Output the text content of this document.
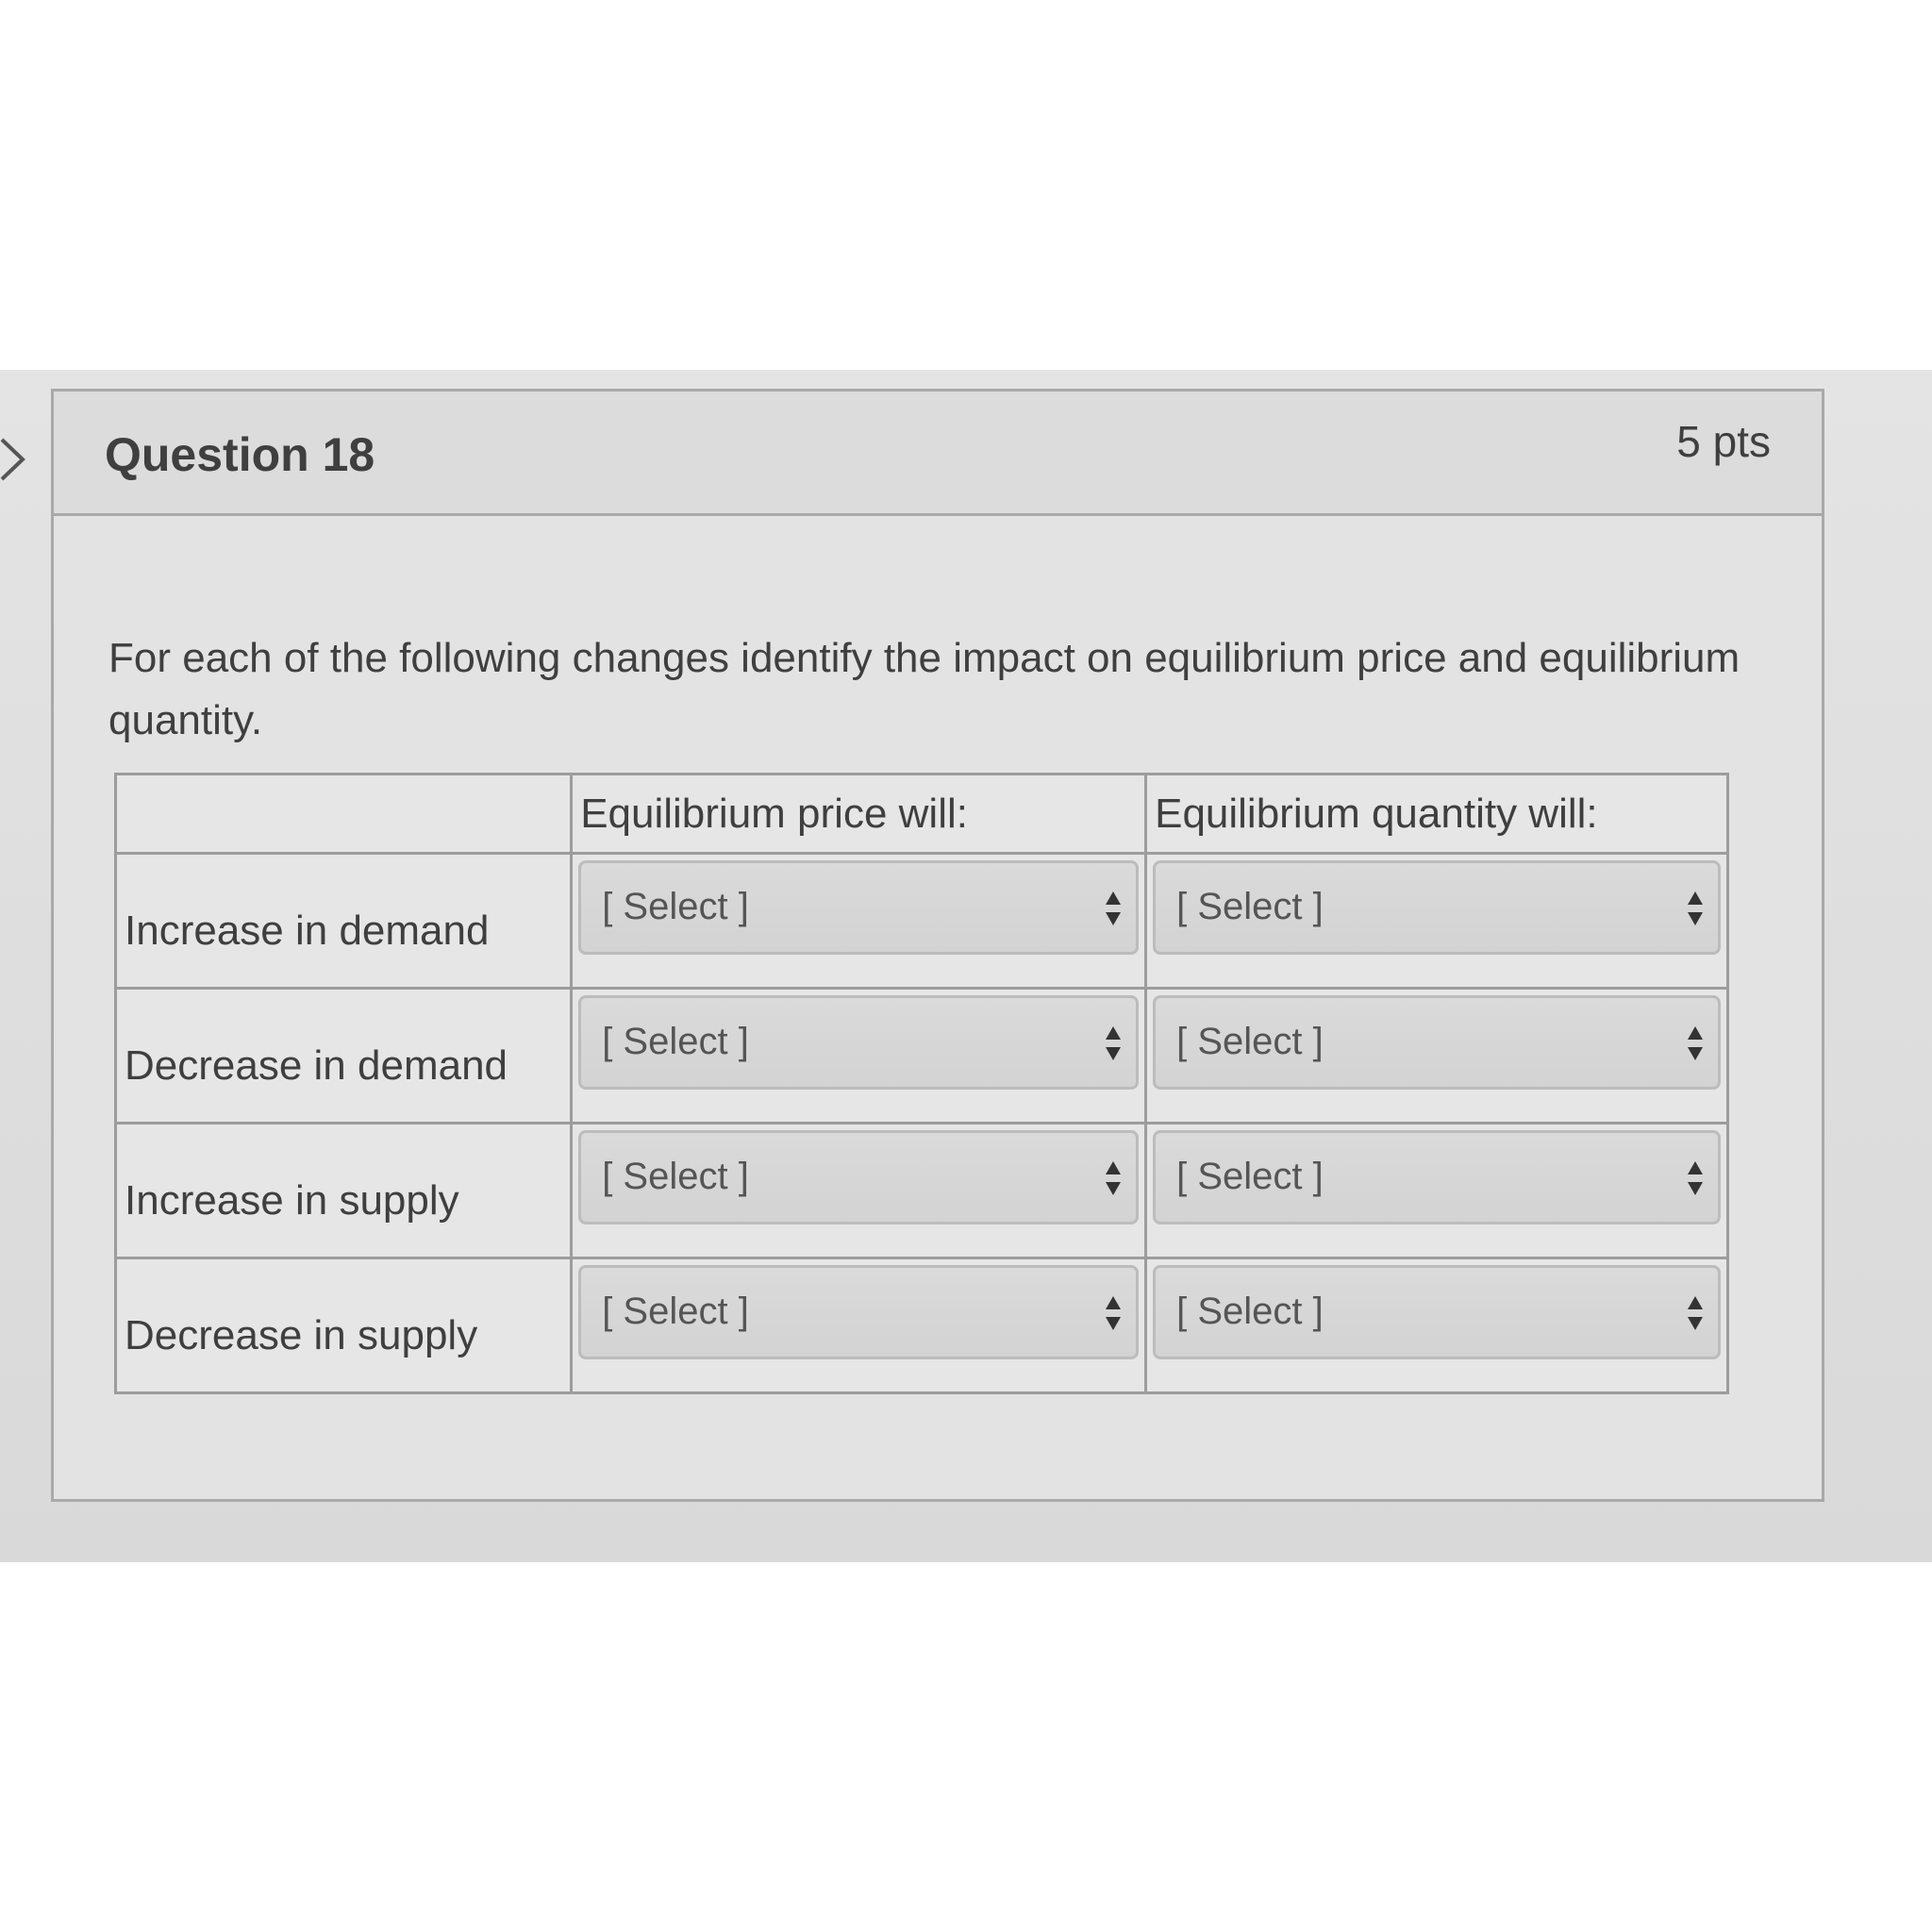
Question 18	5 pts
For each of the following changes identify the impact on equilibrium price and equilibrium quantity.
	Equilibrium price will:	Equilibrium quantity will:

Increase in demand	[ Select ]	[ Select ]

Decrease in demand	[ Select ]	[ Select ]

Increase in supply	[ Select ]	[ Select ]

Decrease in supply	[ Select ]	[ Select ]
